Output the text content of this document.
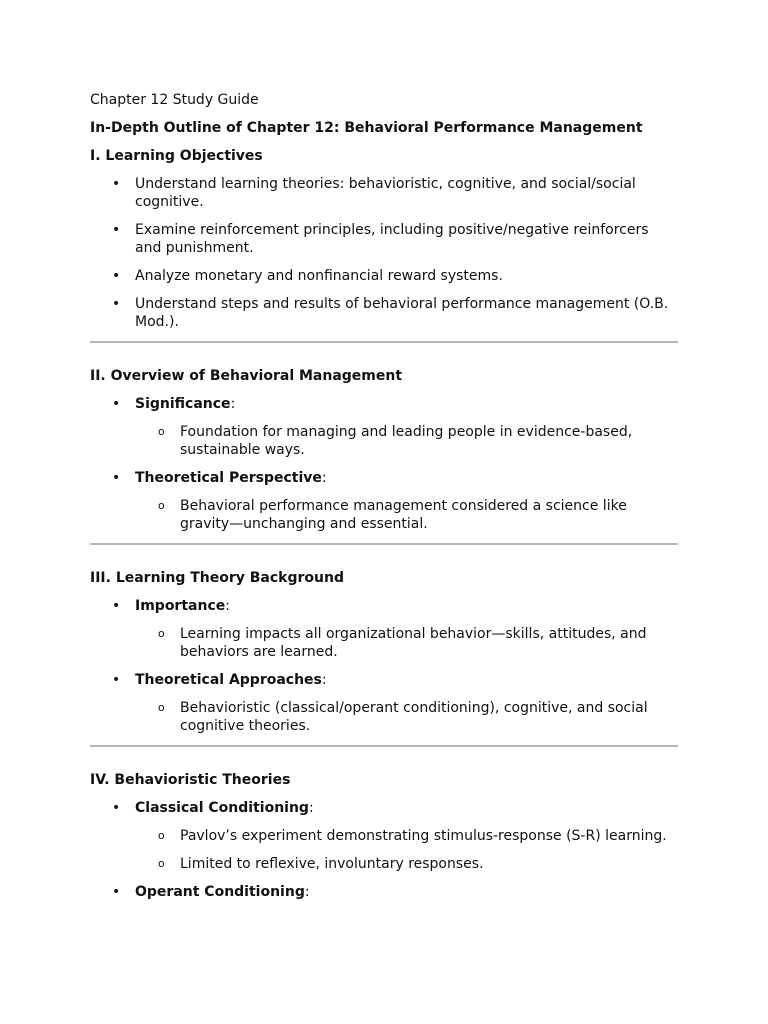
Chapter 12 Study Guide

In-Depth Outline of Chapter 12: Behavioral Performance Management

I. Learning Objectives

• Understand learning theories: behavioristic, cognitive, and social/social cognitive.
• Examine reinforcement principles, including positive/negative reinforcers and punishment.
• Analyze monetary and nonfinancial reward systems.
• Understand steps and results of behavioral performance management (O.B. Mod.).

II. Overview of Behavioral Management

• Significance:
o Foundation for managing and leading people in evidence-based, sustainable ways.
• Theoretical Perspective:
o Behavioral performance management considered a science like gravity—unchanging and essential.

III. Learning Theory Background

• Importance:
o Learning impacts all organizational behavior—skills, attitudes, and behaviors are learned.
• Theoretical Approaches:
o Behavioristic (classical/operant conditioning), cognitive, and social cognitive theories.

IV. Behavioristic Theories

• Classical Conditioning:
o Pavlov’s experiment demonstrating stimulus-response (S-R) learning.
o Limited to reflexive, involuntary responses.
• Operant Conditioning:
